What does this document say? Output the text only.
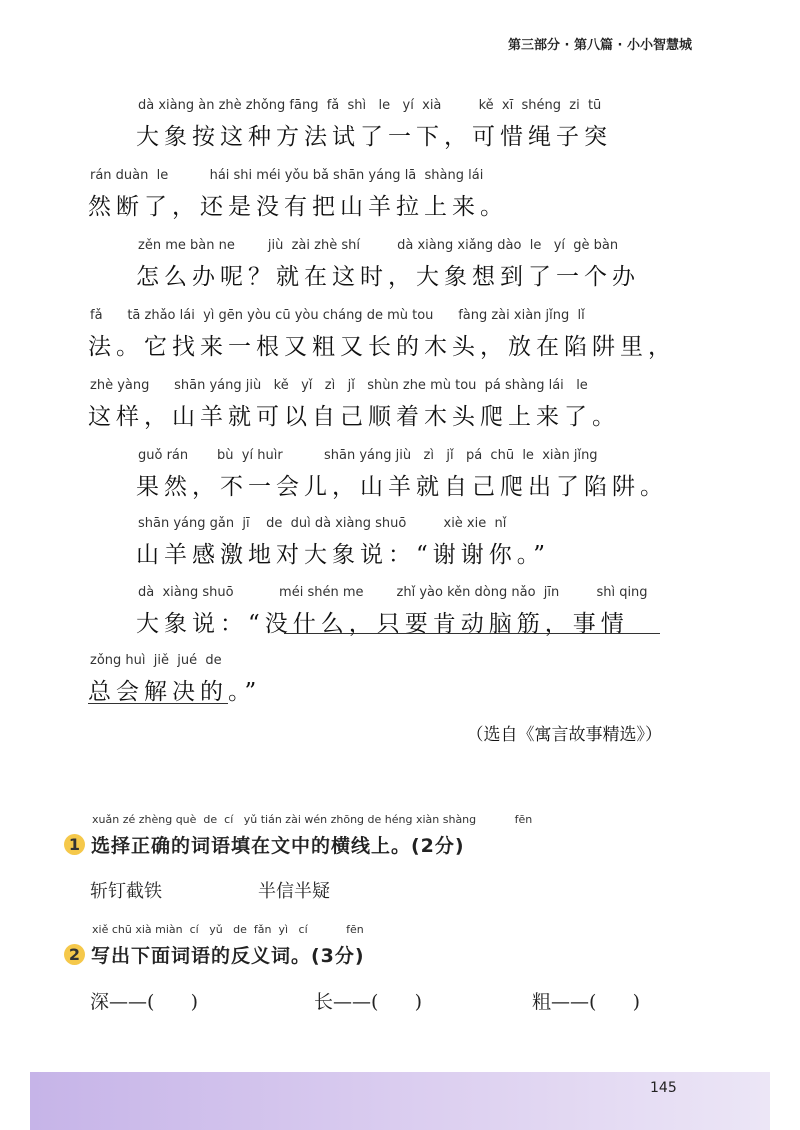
第三部分 · 第八篇 · 小小智慧城
dà xiàng àn zhè zhǒng fāng  fǎ  shì   le   yí  xià         kě  xī  shéng  zi  tū
大象按这种方法试了一下，可惜绳子突
rán duàn  le          hái shi méi yǒu bǎ shān yáng lā  shàng lái
然断了，还是没有把山羊拉上来。
zěn me bàn ne        jiù  zài zhè shí         dà xiàng xiǎng dào  le   yí  gè bàn
怎么办呢？就在这时，大象想到了一个办
fǎ      tā zhǎo lái  yì gēn yòu cū yòu cháng de mù tou      fàng zài xiàn jǐng  lǐ
法。它找来一根又粗又长的木头，放在陷阱里，
zhè yàng      shān yáng jiù   kě   yǐ   zì   jǐ   shùn zhe mù tou  pá shàng lái   le
这样，山羊就可以自己顺着木头爬上来了。
guǒ rán       bù  yí huìr          shān yáng jiù   zì   jǐ   pá  chū  le  xiàn jǐng
果然，不一会儿，山羊就自己爬出了陷阱。
shān yáng gǎn  jī    de  duì dà xiàng shuō         xiè xie  nǐ
山羊感激地对大象说：“谢谢你。”
dà  xiàng shuō           méi shén me        zhǐ yào kěn dòng nǎo  jīn         shì qing
大象说：“没什么，只要肯动脑筋，事情
zǒng huì  jiě  jué  de
总会解决的。”
（选自《寓言故事精选》）
xuǎn zé zhèng què  de  cí   yǔ tián zài wén zhōng de héng xiàn shàng           fēn
1 选择正确的词语填在文中的横线上。(2分)
斩钉截铁	半信半疑
xiě chū xià miàn  cí   yǔ   de  fǎn  yì   cí           fēn
2 写出下面词语的反义词。(3分)
深——(      )	长——(      )	粗——(      )
145
